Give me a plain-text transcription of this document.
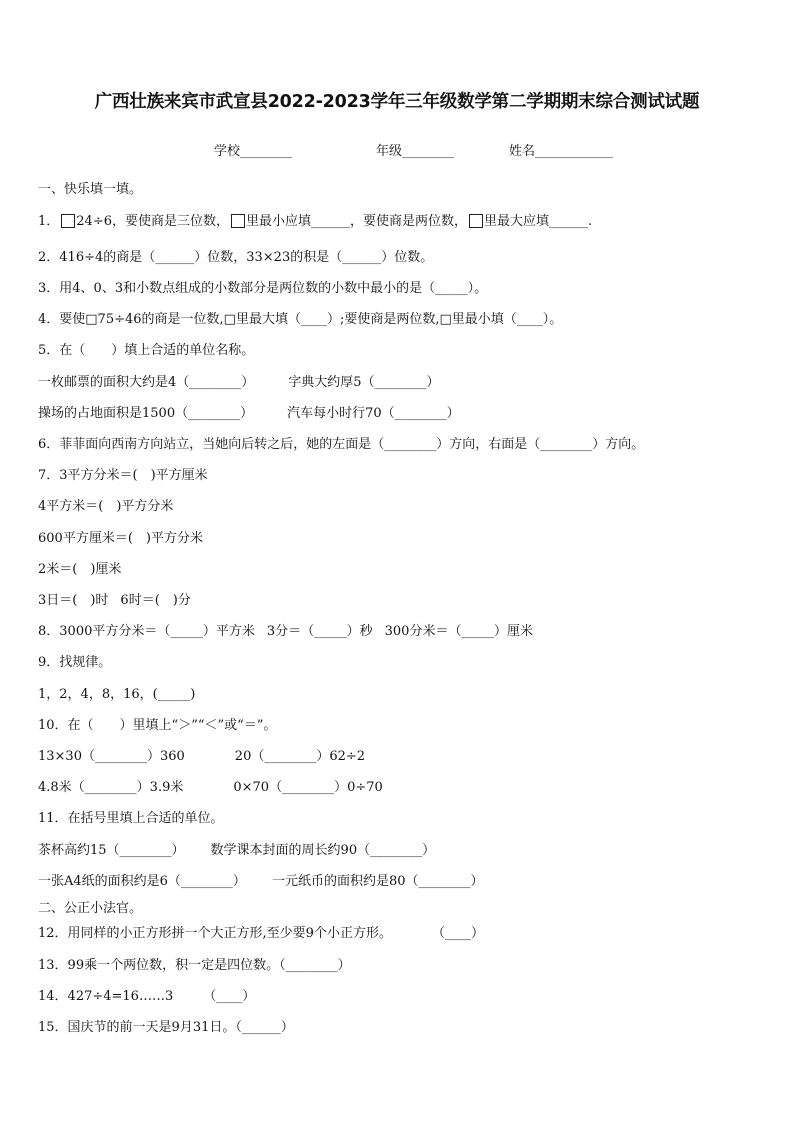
广西壮族来宾市武宣县2022-2023学年三年级数学第二学期期末综合测试试题
学校________	年级________	姓名____________
一、快乐填一填。
1． 24÷6，要使商是三位数， 里最小应填______，要使商是两位数， 里最大应填______.
2．416÷4的商是（______）位数，33×23的积是（______）位数。
3．用4、0、3和小数点组成的小数部分是两位数的小数中最小的是（_____）。
4．要使□75÷46的商是一位数,□里最大填（____）;要使商是两位数,□里最小填（____）。
5．在（　　）填上合适的单位名称。
一枚邮票的面积大约是4（________）	字典大约厚5（________）
操场的占地面积是1500（________）	汽车每小时行70（________）
6．菲菲面向西南方向站立，当她向后转之后，她的左面是（________）方向，右面是（________）方向。
7．3平方分米＝(　)平方厘米
4平方米＝(　)平方分米
600平方厘米＝(　)平方分米
2米＝(　)厘米
3日＝(　)时 6时＝(　)分
8．3000平方分米＝（_____）平方米 3分＝（_____）秒 300分米＝（_____）厘米
9．找规律。
1，2，4，8，16，(_____)
10．在（　　）里填上“＞”“＜”或“＝”。
13×30（________）360	20（________）62÷2
4.8米（________）3.9米	0×70（________）0÷70
11．在括号里填上合适的单位。
茶杯高约15（________） 数学课本封面的周长约90（________）
一张A4纸的面积约是6（________） 一元纸币的面积约是80（________）
二、公正小法官。
12．用同样的小正方形拼一个大正方形,至少要9个小正方形。	（____）
13．99乘一个两位数，积一定是四位数。（________）
14．427÷4=16……3 （____）
15．国庆节的前一天是9月31日。（______）
